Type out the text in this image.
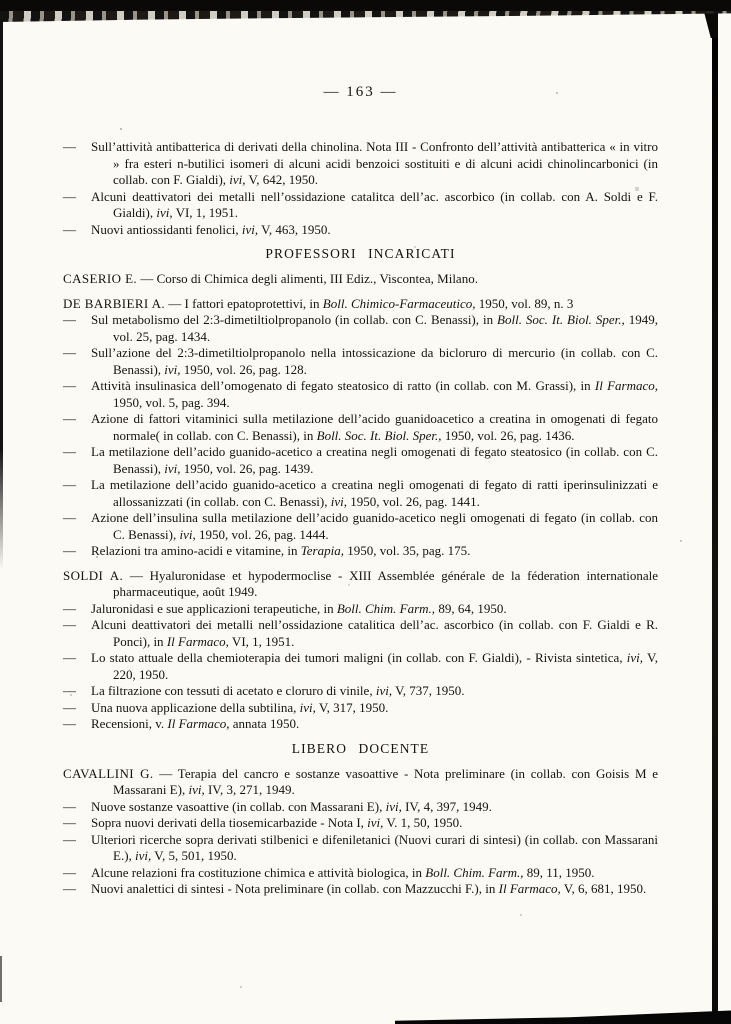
— 163 —

— Sull’attività antibatterica di derivati della chinolina. Nota III - Confronto dell’attività antibatterica « in vitro » fra esteri n-butilici isomeri di alcuni acidi benzoici sostituiti e di alcuni acidi chinolincarbonici (in collab. con F. Gialdi), ivi, V, 642, 1950.

— Alcuni deattivatori dei metalli nell’ossidazione catalitca dell’ac. ascorbico (in collab. con A. Soldi e F. Gialdi), ivi, VI, 1, 1951.

— Nuovi antiossidanti fenolici, ivi, V, 463, 1950.

PROFESSORI INCARICATI

CASERIO E. — Corso di Chimica degli alimenti, III Ediz., Viscontea, Milano.

DE BARBIERI A. — I fattori epatoprotettivi, in Boll. Chimico-Farmaceutico, 1950, vol. 89, n. 3

— Sul metabolismo del 2:3-dimetiltiolpropanolo (in collab. con C. Benassi), in Boll. Soc. It. Biol. Sper., 1949, vol. 25, pag. 1434.

— Sull’azione del 2:3-dimetiltiolpropanolo nella intossicazione da bicloruro di mercurio (in collab. con C. Benassi), ivi, 1950, vol. 26, pag. 128.

— Attività insulinasica dell’omogenato di fegato steatosico di ratto (in collab. con M. Grassi), in Il Farmaco, 1950, vol. 5, pag. 394.

— Azione di fattori vitaminici sulla metilazione dell’acido guanidoacetico a creatina in omogenati di fegato normale( in collab. con C. Benassi), in Boll. Soc. It. Biol. Sper., 1950, vol. 26, pag. 1436.

— La metilazione dell’acido guanido-acetico a creatina negli omogenati di fegato steatosico (in collab. con C. Benassi), ivi, 1950, vol. 26, pag. 1439.

— La metilazione dell’acido guanido-acetico a creatina negli omogenati di fegato di ratti iperinsulinizzati e allossanizzati (in collab. con C. Benassi), ivi, 1950, vol. 26, pag. 1441.

— Azione dell’insulina sulla metilazione dell’acido guanido-acetico negli omogenati di fegato (in collab. con C. Benassi), ivi, 1950, vol. 26, pag. 1444.

— Relazioni tra amino-acidi e vitamine, in Terapia, 1950, vol. 35, pag. 175.

SOLDI A. — Hyaluronidase et hypodermoclise - XIII Assemblée générale de la féderation internationale pharmaceutique, août 1949.

— Jaluronidasi e sue applicazioni terapeutiche, in Boll. Chim. Farm., 89, 64, 1950.

— Alcuni deattivatori dei metalli nell’ossidazione catalitica dell’ac. ascorbico (in collab. con F. Gialdi e R. Ponci), in Il Farmaco, VI, 1, 1951.

— Lo stato attuale della chemioterapia dei tumori maligni (in collab. con F. Gialdi), - Rivista sintetica, ivi, V, 220, 1950.

— La filtrazione con tessuti di acetato e cloruro di vinile, ivi, V, 737, 1950.

— Una nuova applicazione della subtilina, ivi, V, 317, 1950.

— Recensioni, v. Il Farmaco, annata 1950.

LIBERO DOCENTE

CAVALLINI G. — Terapia del cancro e sostanze vasoattive - Nota preliminare (in collab. con Goisis M e Massarani E), ivi, IV, 3, 271, 1949.

— Nuove sostanze vasoattive (in collab. con Massarani E), ivi, IV, 4, 397, 1949.

— Sopra nuovi derivati della tiosemicarbazide - Nota I, ivi, V. 1, 50, 1950.

— Ulteriori ricerche sopra derivati stilbenici e difeniletanici (Nuovi curari di sintesi) (in collab. con Massarani E.), ivi, V, 5, 501, 1950.

— Alcune relazioni fra costituzione chimica e attività biologica, in Boll. Chim. Farm., 89, 11, 1950.

— Nuovi analettici di sintesi - Nota preliminare (in collab. con Mazzucchi F.), in Il Farmaco, V, 6, 681, 1950.
